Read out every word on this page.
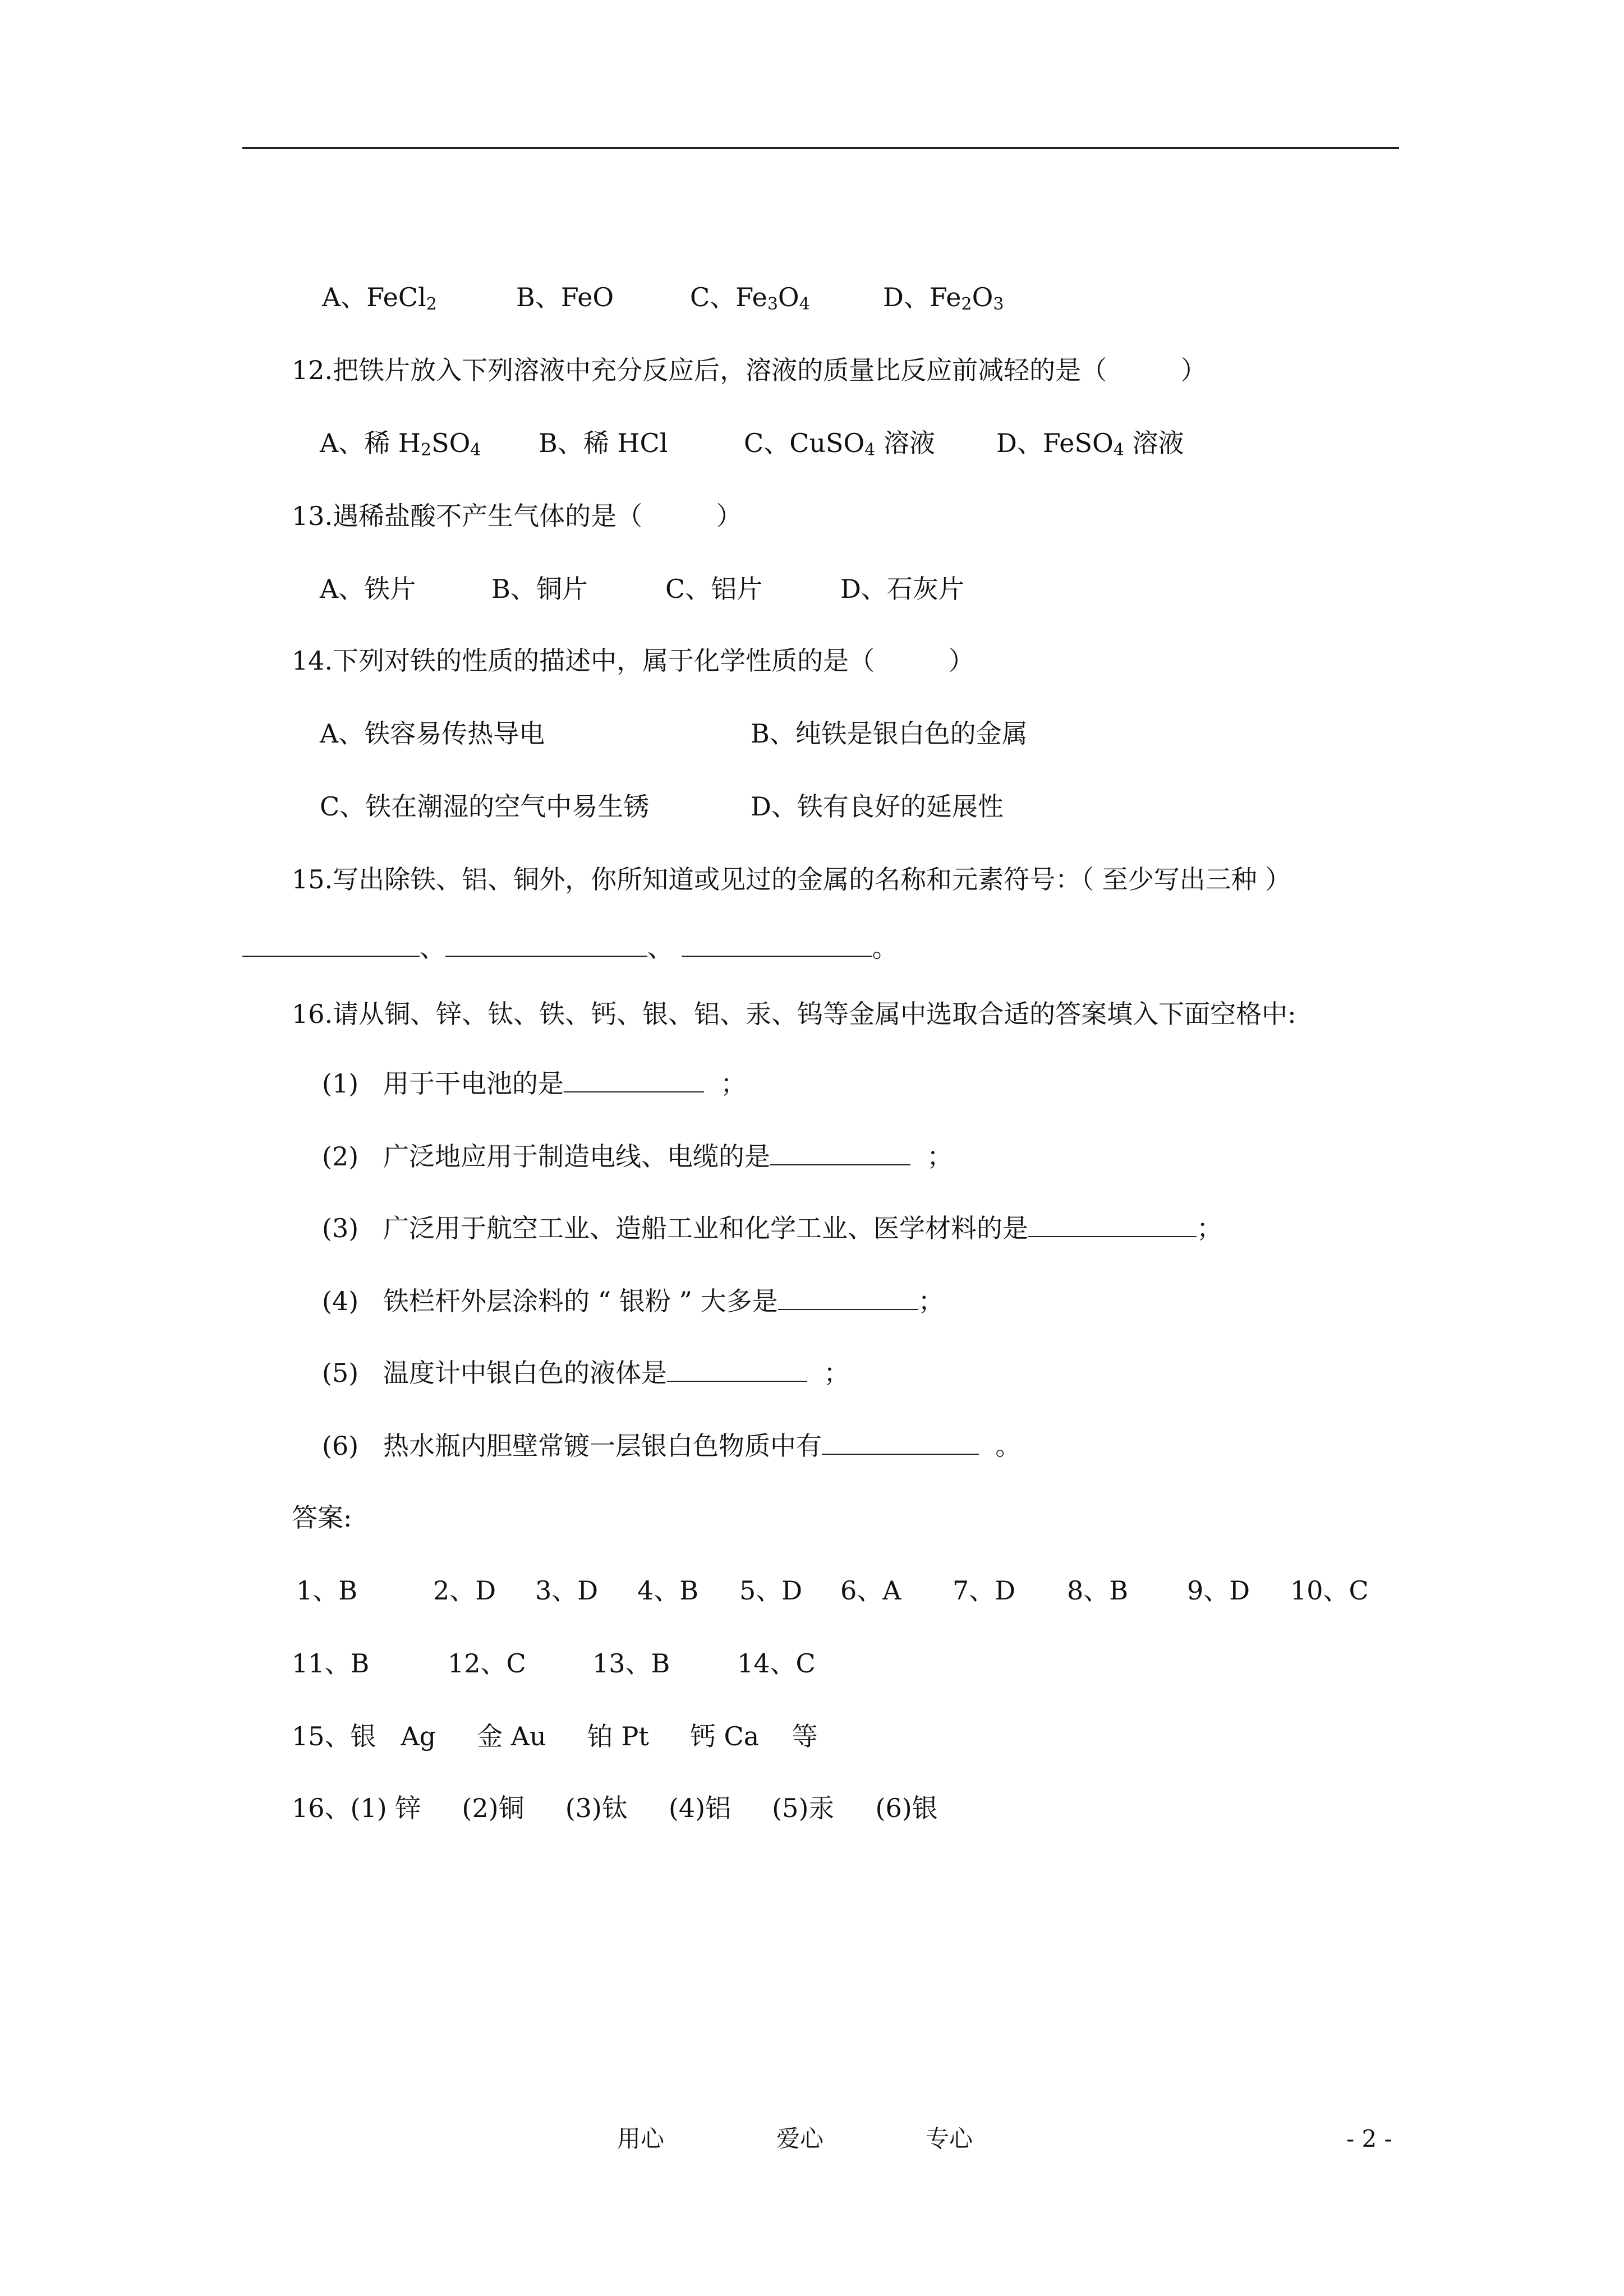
A、FeCl$_2$	B、FeO	C、$Fe_3O_4$	D、$Fe_2O_3$
12.把铁片放入下列溶液中充分反应后，溶液的质量比反应前减轻的是（         ）
A、稀 $H_2SO_4$ B、稀 HCl	C、CuSO$_4$ 溶液 D、FeSO$_4$ 溶液
13.遇稀盐酸不产生气体的是（         ）
A、铁片	B、铜片	C、铝片	D、石灰片
14.下列对铁的性质的描述中，属于化学性质的是（         ）
A、铁容易传热导电	B、纯铁是银白色的金属
C、铁在潮湿的空气中易生锈	D、铁有良好的延展性
15.写出除铁、铝、铜外，你所知道或见过的金属的名称和元素符号：（ 至少写出三种 ）
、	、	。
16.请从铜、锌、钛、铁、钙、银、铝、汞、钨等金属中选取合适的答案填入下面空格中:
(1) 用于干电池的是	；
(2) 广泛地应用于制造电线、电缆的是	；
(3) 广泛用于航空工业、造船工业和化学工业、医学材料的是	；
(4) 铁栏杆外层涂料的 “ 银粉 ” 大多是	；
(5) 温度计中银白色的液体是	；
(6) 热水瓶内胆壁常镀一层银白色物质中有	。
答案:
1、B	2、D 3、D 4、B 5、D 6、A 7、D 8、B 9、D 10、C
11、B	12、C	13、B	14、C
15、银   Ag     金 Au     铂 Pt     钙 Ca    等
16、(1) 锌     (2)铜     (3)钛     (4)铝     (5)汞     (6)银
用心	爱心	专心	- 2 -
